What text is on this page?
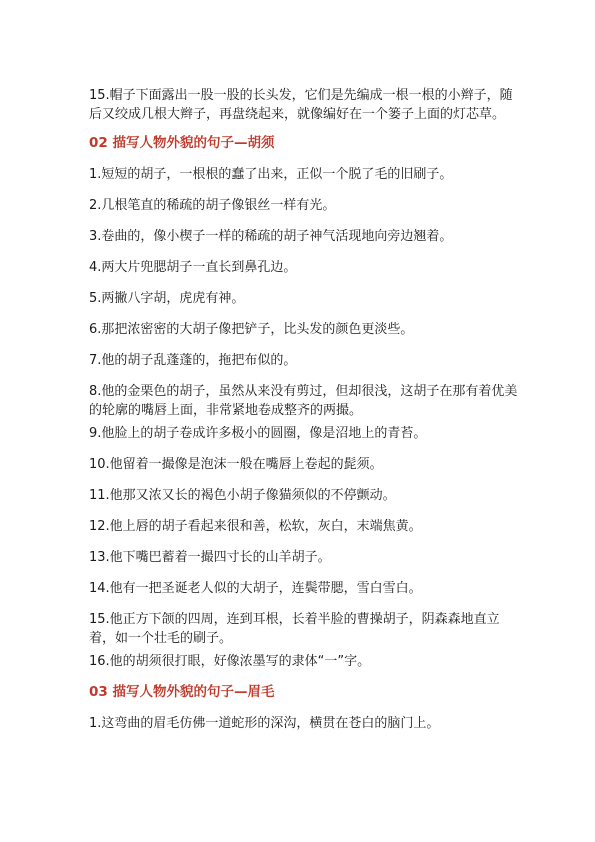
15.帽子下面露出一股一股的长头发，它们是先编成一根一根的小辫子，随后又绞成几根大辫子，再盘绕起来，就像编好在一个篓子上面的灯芯草。

02 描写人物外貌的句子—胡须

1.短短的胡子，一根根的蠢了出来，正似一个脱了毛的旧刷子。

2.几根笔直的稀疏的胡子像银丝一样有光。

3.卷曲的，像小楔子一样的稀疏的胡子神气活现地向旁边翘着。

4.两大片兜腮胡子一直长到鼻孔边。

5.两撇八字胡，虎虎有神。

6.那把浓密密的大胡子像把铲子，比头发的颜色更淡些。

7.他的胡子乱蓬蓬的，拖把布似的。

8.他的金栗色的胡子，虽然从来没有剪过，但却很浅，这胡子在那有着优美的轮廓的嘴唇上面，非常紧地卷成整齐的两撮。

9.他脸上的胡子卷成许多极小的圆圈，像是沼地上的青苔。

10.他留着一撮像是泡沫一般在嘴唇上卷起的髭须。

11.他那又浓又长的褐色小胡子像猫须似的不停颤动。

12.他上唇的胡子看起来很和善，松软，灰白，末端焦黄。

13.他下嘴巴蓄着一撮四寸长的山羊胡子。

14.他有一把圣诞老人似的大胡子，连鬓带腮，雪白雪白。

15.他正方下颌的四周，连到耳根，长着半脸的曹操胡子，阴森森地直立着，如一个壮毛的刷子。

16.他的胡须很打眼，好像浓墨写的隶体“一”字。

03 描写人物外貌的句子—眉毛

1.这弯曲的眉毛仿佛一道蛇形的深沟，横贯在苍白的脑门上。
